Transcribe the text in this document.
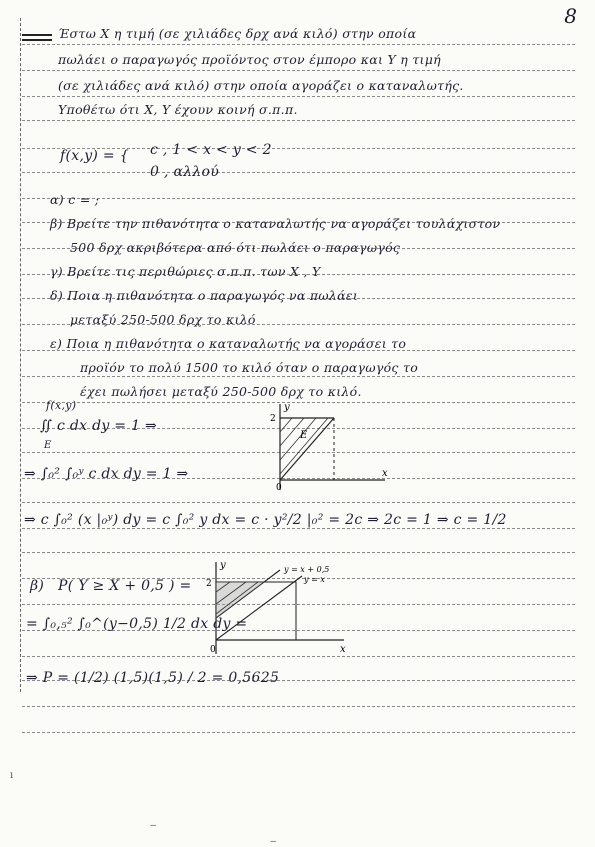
8
Έστω X η τιμή (σε χιλιάδες δρχ ανά κιλό) στην οποία
πωλάει ο παραγωγός προϊόντος στον έμπορο και Y η τιμή
(σε χιλιάδες ανά κιλό) στην οποία αγοράζει ο καταναλωτής.
Υποθέτω ότι X, Y έχουν κοινή σ.π.π.
f(x,y) = { c , 1 < x < y < 2
0 , αλλού
α) c = ;
β) Βρείτε την πιθανότητα ο καταναλωτής να αγοράζει τουλάχιστον
500 δρχ ακριβότερα από ότι πωλάει ο παραγωγός
γ) Βρείτε τις περιθώριες σ.π.π. των X , Y
δ) Ποια η πιθανότητα ο παραγωγός να πωλάει
μεταξύ 250-500 δρχ το κιλό
ε) Ποια η πιθανότητα ο καταναλωτής να αγοράσει το
προϊόν το πολύ 1500 το κιλό όταν ο παραγωγός το
έχει πωλήσει μεταξύ 250-500 δρχ το κιλό.
f(x,y)
∬ c dx dy = 1 ⇒
E
⇒ ∫₀² ∫₀ʸ c dx dy = 1 ⇒
⇒ c ∫₀² (x |₀ʸ) dy = c ∫₀² y dx = c · y²/2 |₀² = 2c ⇒ 2c = 1 ⇒ c = 1/2
y
x
2
0
E
β) P( Y ≥ X + 0,5 ) =
= ∫₀,₅² ∫₀^(y−0,5) 1/2 dx dy =
⇒ P = (1/2) (1,5)(1,5) / 2 = 0,5625
y
x
2
0
y = x + 0,5
y = x
ı
‒
‒
